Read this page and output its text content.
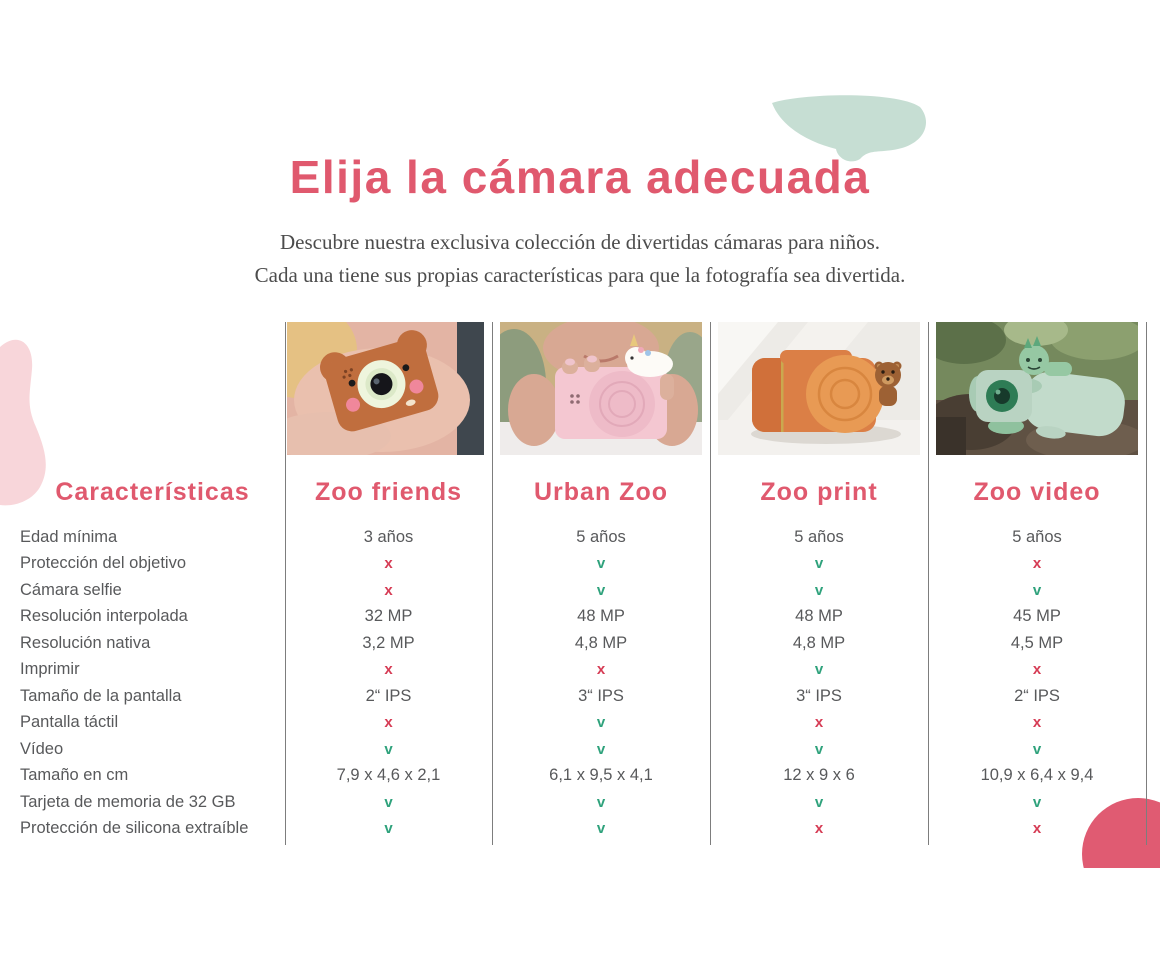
Elija la cámara adecuada
Descubre nuestra exclusiva colección de divertidas cámaras para niños.
Cada una tiene sus propias características para que la fotografía sea divertida.
Características	Zoo friends	Urban Zoo	Zoo print	Zoo video
Edad mínima	3 años	5 años	5 años	5 años
Protección del objetivo	x	v	v	x
Cámara selfie	x	v	v	v
Resolución interpolada	32 MP	48 MP	48 MP	45 MP
Resolución nativa	3,2 MP	4,8 MP	4,8 MP	4,5 MP
Imprimir	x	x	v	x
Tamaño de la pantalla	2“ IPS	3“ IPS	3“ IPS	2“ IPS
Pantalla táctil	x	v	x	x
Vídeo	v	v	v	v
Tamaño en cm	7,9 x 4,6 x 2,1	6,1 x 9,5 x 4,1	12 x 9 x 6	10,9 x 6,4 x 9,4
Tarjeta de memoria de 32 GB	v	v	v	v
Protección de silicona extraíble	v	v	x	x
